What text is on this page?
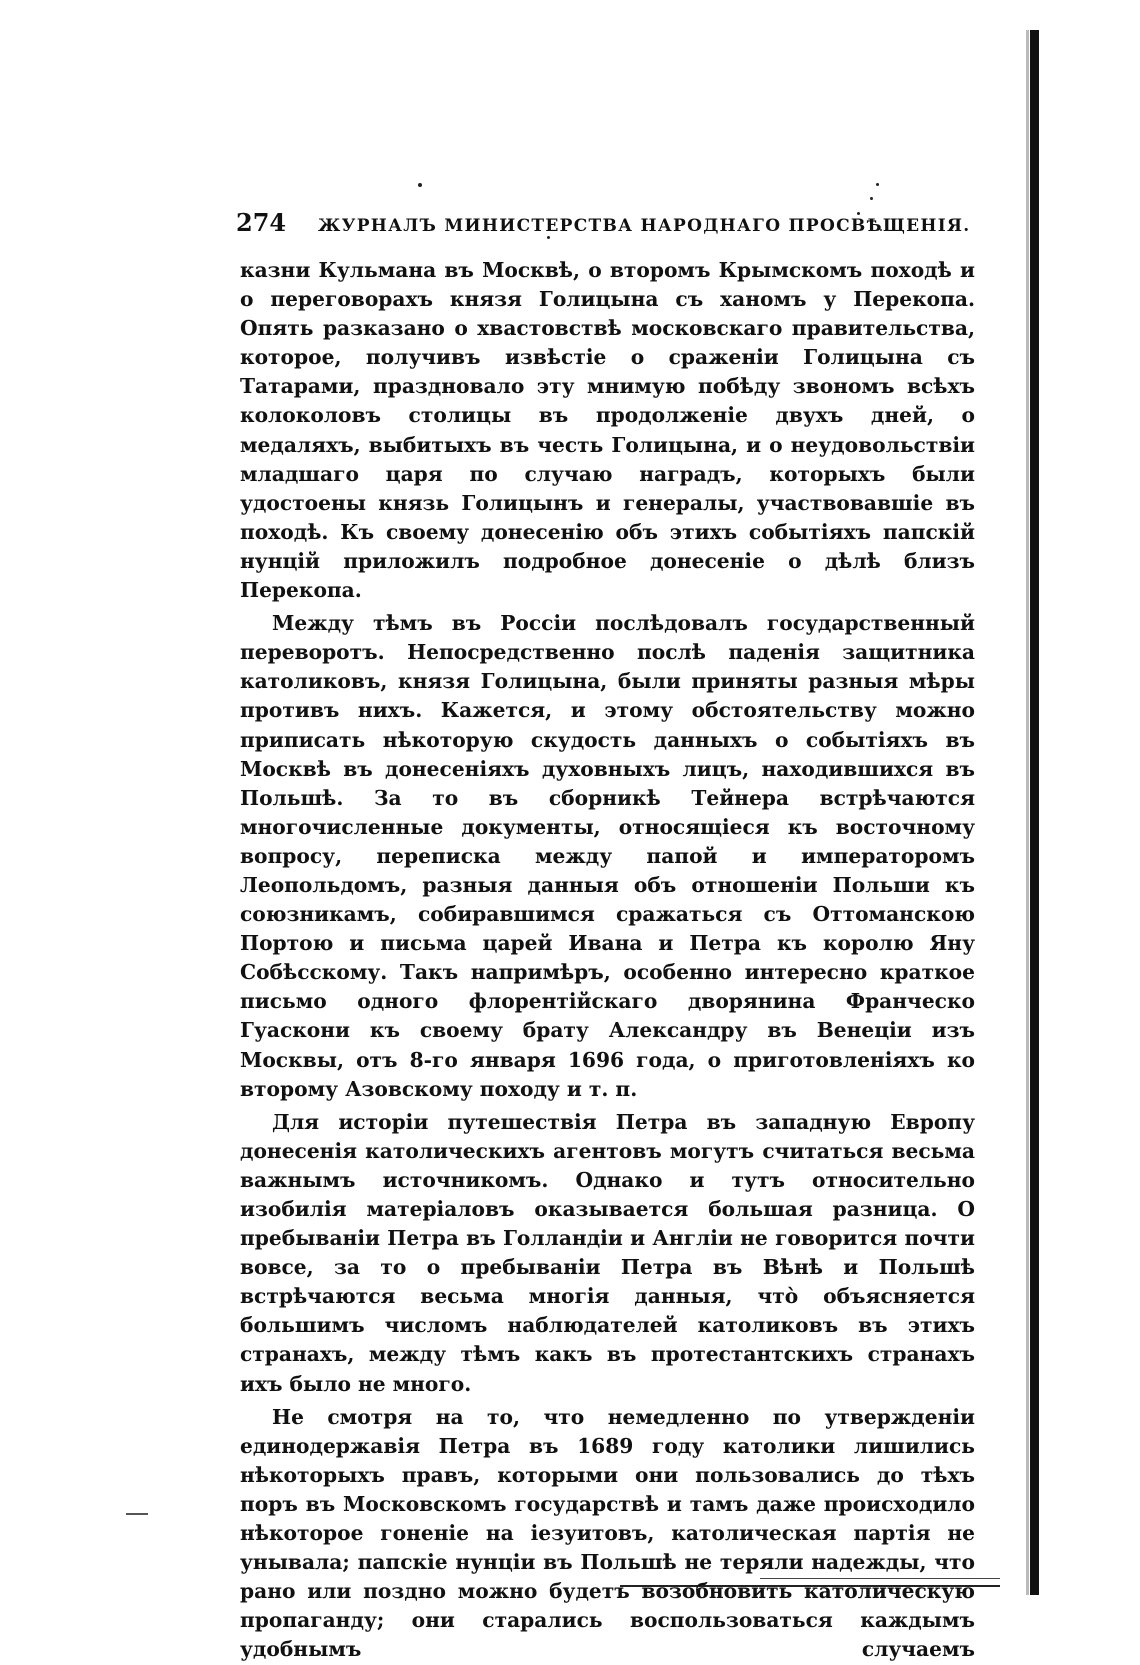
274	ЖУРНАЛЪ МИНИСТЕРСТВА НАРОДНАГО ПРОСВѢЩЕНІЯ.

казни Кульмана въ Москвѣ, о второмъ Крымскомъ походѣ и о переговорахъ князя Голицына съ ханомъ у Перекопа. Опять разказано о хвастовствѣ московскаго правительства, которое, получивъ извѣстіе о сраженіи Голицына съ Татарами, праздновало эту мнимую побѣду звономъ всѣхъ колоколовъ столицы въ продолженіе двухъ дней, о медаляхъ, выбитыхъ въ честь Голицына, и о неудовольствіи младшаго царя по случаю наградъ, которыхъ были удостоены князь Голицынъ и генералы, участвовавшіе въ походѣ. Къ своему донесенію объ этихъ событіяхъ папскій нунцій приложилъ подробное донесеніе о дѣлѣ близъ Перекопа.

Между тѣмъ въ Россіи послѣдовалъ государственный переворотъ. Непосредственно послѣ паденія защитника католиковъ, князя Голицына, были приняты разныя мѣры противъ нихъ. Кажется, и этому обстоятельству можно приписать нѣкоторую скудость данныхъ о событіяхъ въ Москвѣ въ донесеніяхъ духовныхъ лицъ, находившихся въ Польшѣ. За то въ сборникѣ Тейнера встрѣчаются многочисленные документы, относящіеся къ восточному вопросу, переписка между папой и императоромъ Леопольдомъ, разныя данныя объ отношеніи Польши къ союзникамъ, собиравшимся сражаться съ Оттоманскою Портою и письма царей Ивана и Петра къ королю Яну Собѣсскому. Такъ напримѣръ, особенно интересно краткое письмо одного флорентійскаго дворянина Франческо Гуаскони къ своему брату Александру въ Венеціи изъ Москвы, отъ 8-го января 1696 года, о приготовленіяхъ ко второму Азовскому походу и т. п.

Для исторіи путешествія Петра въ западную Европу донесенія католическихъ агентовъ могутъ считаться весьма важнымъ источникомъ. Однако и тутъ относительно изобилія матеріаловъ оказывается большая разница. О пребываніи Петра въ Голландіи и Англіи не говорится почти вовсе, за то о пребываніи Петра въ Вѣнѣ и Польшѣ встрѣчаются весьма многія данныя, что̀ объясняется большимъ числомъ наблюдателей католиковъ въ этихъ странахъ, между тѣмъ какъ въ протестантскихъ странахъ ихъ было не много.

Не смотря на то, что немедленно по утвержденіи единодержавія Петра въ 1689 году католики лишились нѣкоторыхъ правъ, которыми они пользовались до тѣхъ поръ въ Московскомъ государствѣ и тамъ даже происходило нѣкоторое гоненіе на іезуитовъ, католическая партія не унывала; папскіе нунціи въ Польшѣ не теряли надежды, что рано или поздно можно будетъ возобновить католическую пропаганду; они старались воспользоваться каждымъ удобнымъ случаемъ
